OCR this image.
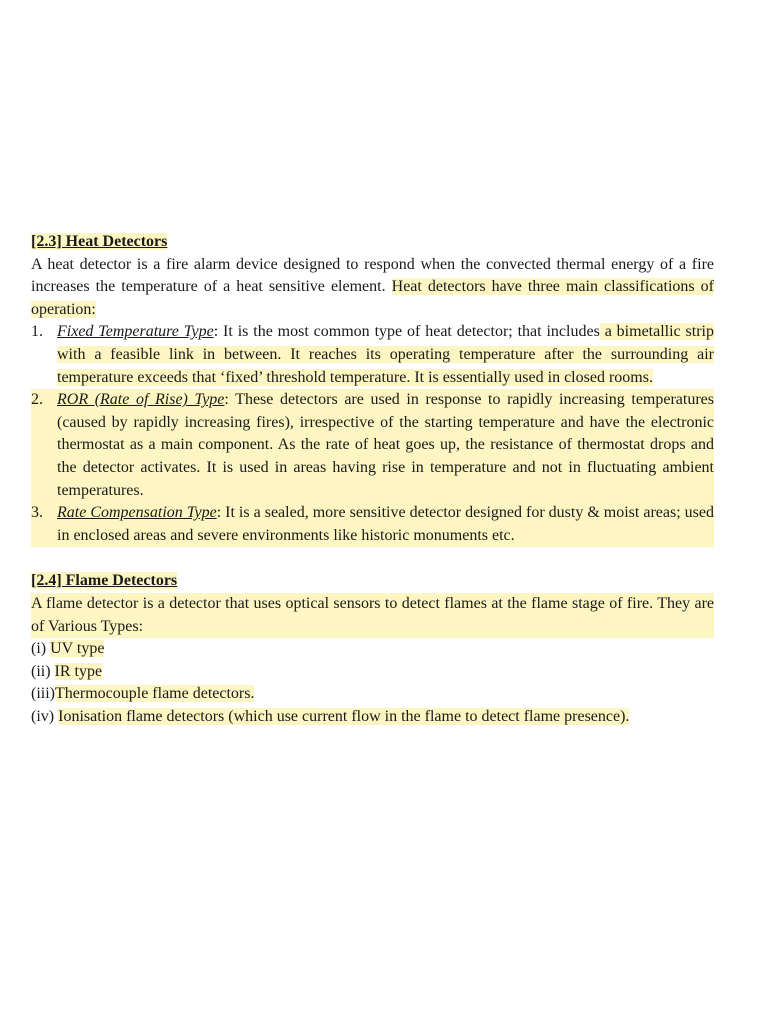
[2.3] Heat Detectors
A heat detector is a fire alarm device designed to respond when the convected thermal energy of a fire increases the temperature of a heat sensitive element. Heat detectors have three main classifications of operation:
1. Fixed Temperature Type: It is the most common type of heat detector; that includes a bimetallic strip with a feasible link in between. It reaches its operating temperature after the surrounding air temperature exceeds that ‘fixed’ threshold temperature. It is essentially used in closed rooms.
2. ROR (Rate of Rise) Type: These detectors are used in response to rapidly increasing temperatures (caused by rapidly increasing fires), irrespective of the starting temperature and have the electronic thermostat as a main component. As the rate of heat goes up, the resistance of thermostat drops and the detector activates. It is used in areas having rise in temperature and not in fluctuating ambient temperatures.
3. Rate Compensation Type: It is a sealed, more sensitive detector designed for dusty & moist areas; used in enclosed areas and severe environments like historic monuments etc.
[2.4] Flame Detectors
A flame detector is a detector that uses optical sensors to detect flames at the flame stage of fire. They are of Various Types:
(i) UV type
(ii) IR type
(iii)Thermocouple flame detectors.
(iv) Ionisation flame detectors (which use current flow in the flame to detect flame presence).
